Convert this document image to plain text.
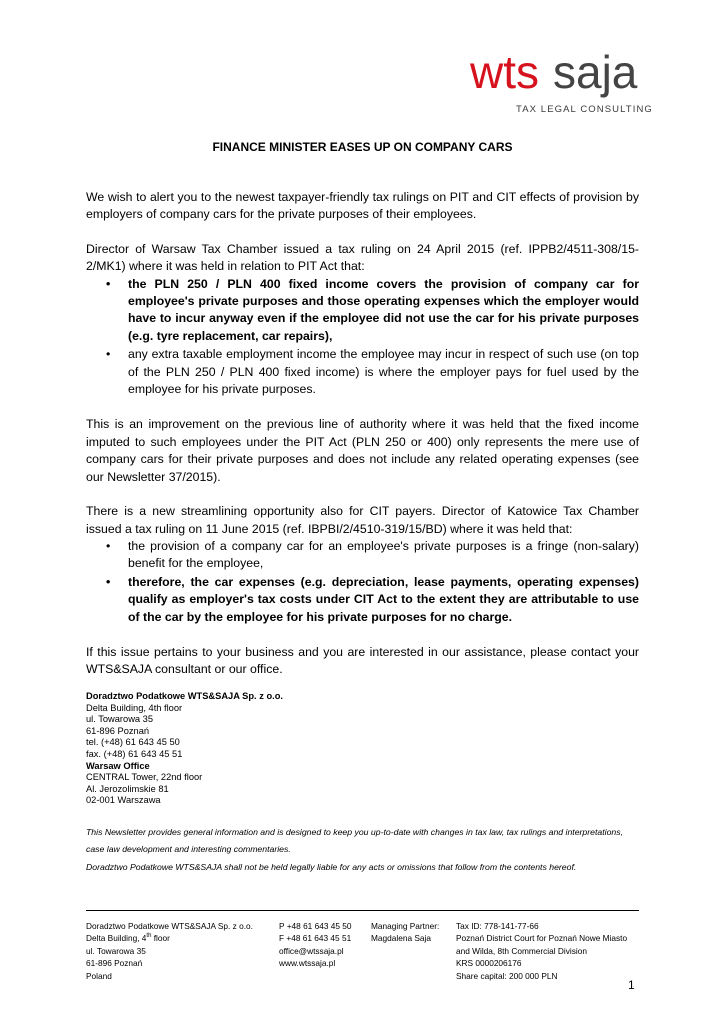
wts saja
TAX LEGAL CONSULTING
FINANCE MINISTER EASES UP ON COMPANY CARS

We wish to alert you to the newest taxpayer-friendly tax rulings on PIT and CIT effects of provision by employers of company cars for the private purposes of their employees.

Director of Warsaw Tax Chamber issued a tax ruling on 24 April 2015 (ref. IPPB2/4511-308/15-2/MK1) where it was held in relation to PIT Act that:

• the PLN 250 / PLN 400 fixed income covers the provision of company car for employee's private purposes and those operating expenses which the employer would have to incur anyway even if the employee did not use the car for his private purposes (e.g. tyre replacement, car repairs),
• any extra taxable employment income the employee may incur in respect of such use (on top of the PLN 250 / PLN 400 fixed income) is where the employer pays for fuel used by the employee for his private purposes.

This is an improvement on the previous line of authority where it was held that the fixed income imputed to such employees under the PIT Act (PLN 250 or 400) only represents the mere use of company cars for their private purposes and does not include any related operating expenses (see our Newsletter 37/2015).

There is a new streamlining opportunity also for CIT payers. Director of Katowice Tax Chamber issued a tax ruling on 11 June 2015 (ref. IBPBI/2/4510-319/15/BD) where it was held that:

• the provision of a company car for an employee's private purposes is a fringe (non-salary) benefit for the employee,
• therefore, the car expenses (e.g. depreciation, lease payments, operating expenses) qualify as employer's tax costs under CIT Act to the extent they are attributable to use of the car by the employee for his private purposes for no charge.

If this issue pertains to your business and you are interested in our assistance, please contact your WTS&SAJA consultant or our office.

Doradztwo Podatkowe WTS&SAJA Sp. z o.o.
Delta Building, 4th floor
ul. Towarowa 35
61-896 Poznań
tel. (+48) 61 643 45 50
fax. (+48) 61 643 45 51
Warsaw Office
CENTRAL Tower, 22nd floor
Al. Jerozolimskie 81
02-001 Warszawa
This Newsletter provides general information and is designed to keep you up-to-date with changes in tax law, tax rulings and interpretations, case law development and interesting commentaries.
Doradztwo Podatkowe WTS&SAJA shall not be held legally liable for any acts or omissions that follow from the contents hereof.
Doradztwo Podatkowe WTS&SAJA Sp. z o.o.
Delta Building, 4th floor
ul. Towarowa 35
61-896 Poznań
Poland
P +48 61 643 45 50
F +48 61 643 45 51
office@wtssaja.pl
www.wtssaja.pl
Managing Partner:
Magdalena Saja
Tax ID: 778-141-77-66
Poznań District Court for Poznań Nowe Miasto
and Wilda, 8th Commercial Division
KRS 0000206176
Share capital: 200 000 PLN
1
